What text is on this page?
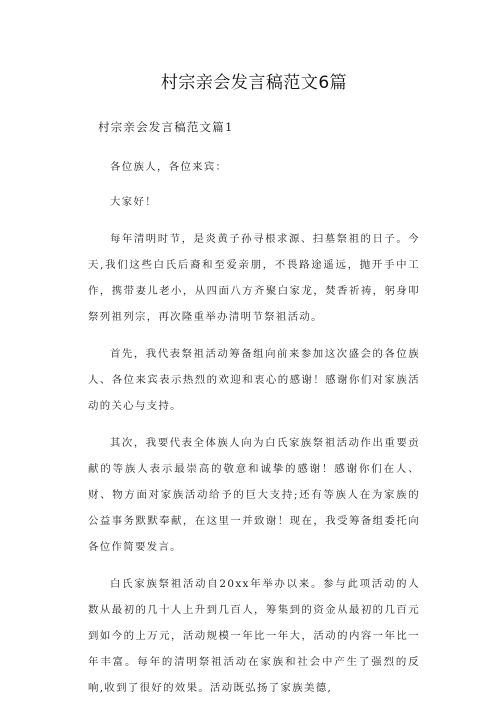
村宗亲会发言稿范文6篇
村宗亲会发言稿范文篇1

各位族人，各位来宾：

大家好！

每年清明时节，是炎黄子孙寻根求源、扫墓祭祖的日子。今天,我们这些白氏后裔和至爱亲朋，不畏路途遥远，抛开手中工作，携带妻儿老小，从四面八方齐聚白家龙，焚香祈祷，躬身叩祭列祖列宗，再次隆重举办清明节祭祖活动。

首先，我代表祭祖活动筹备组向前来参加这次盛会的各位族人、各位来宾表示热烈的欢迎和衷心的感谢！感谢你们对家族活动的关心与支持。

其次，我要代表全体族人向为白氏家族祭祖活动作出重要贡献的等族人表示最崇高的敬意和诚挚的感谢！感谢你们在人、财、物方面对家族活动给予的巨大支持;还有等族人在为家族的公益事务默默奉献，在这里一并致谢！现在，我受筹备组委托向各位作简要发言。

白氏家族祭祖活动自20xx年举办以来。参与此项活动的人数从最初的几十人上升到几百人，筹集到的资金从最初的几百元到如今的上万元，活动规模一年比一年大，活动的内容一年比一年丰富。每年的清明祭祖活动在家族和社会中产生了强烈的反响,收到了很好的效果。活动既弘扬了家族美德,
